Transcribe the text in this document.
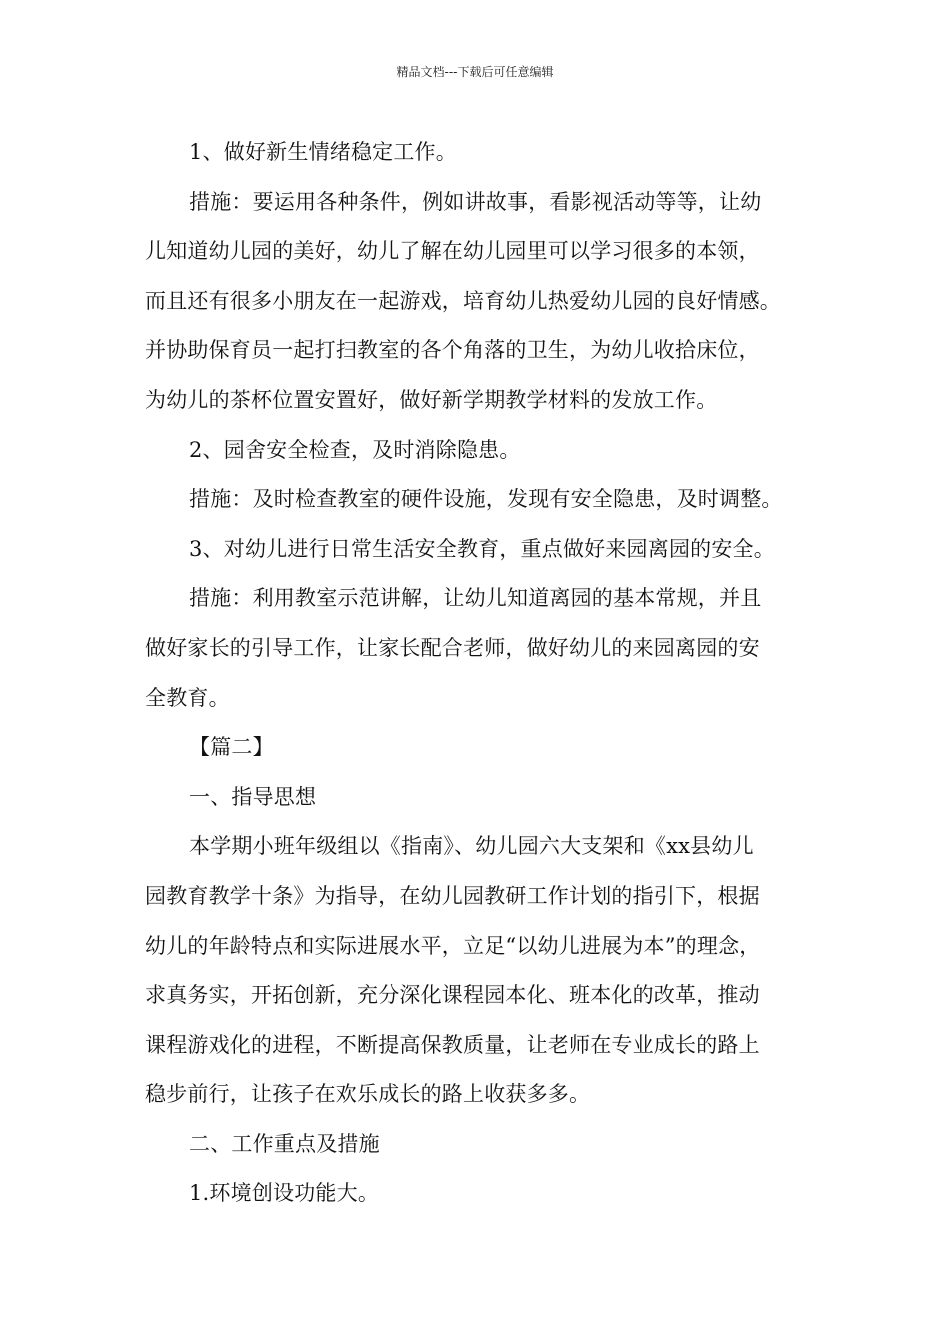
精品文档---下载后可任意编辑

1、做好新生情绪稳定工作。

措施：要运用各种条件，例如讲故事，看影视活动等等，让幼

儿知道幼儿园的美好，幼儿了解在幼儿园里可以学习很多的本领，

而且还有很多小朋友在一起游戏，培育幼儿热爱幼儿园的良好情感。

并协助保育员一起打扫教室的各个角落的卫生，为幼儿收拾床位，

为幼儿的茶杯位置安置好，做好新学期教学材料的发放工作。

2、园舍安全检查，及时消除隐患。

措施：及时检查教室的硬件设施，发现有安全隐患，及时调整。

3、对幼儿进行日常生活安全教育，重点做好来园离园的安全。

措施：利用教室示范讲解，让幼儿知道离园的基本常规，并且

做好家长的引导工作，让家长配合老师，做好幼儿的来园离园的安

全教育。

【篇二】

一、指导思想

本学期小班年级组以《指南》、幼儿园六大支架和《xx县幼儿

园教育教学十条》为指导，在幼儿园教研工作计划的指引下，根据

幼儿的年龄特点和实际进展水平，立足“以幼儿进展为本”的理念，

求真务实，开拓创新，充分深化课程园本化、班本化的改革，推动

课程游戏化的进程，不断提高保教质量，让老师在专业成长的路上

稳步前行，让孩子在欢乐成长的路上收获多多。

二、工作重点及措施

1.环境创设功能大。
